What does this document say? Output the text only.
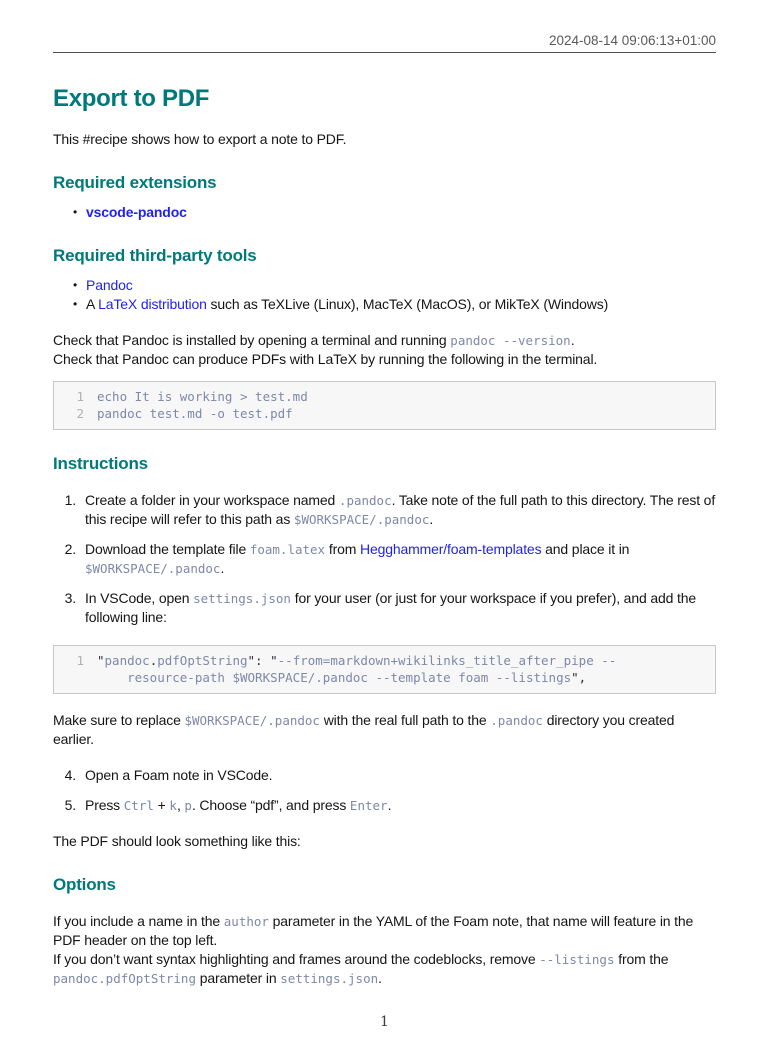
2024-08-14 09:06:13+01:00
Export to PDF

This #recipe shows how to export a note to PDF.

Required extensions
• vscode-pandoc
Required third-party tools
• Pandoc
• A LaTeX distribution such as TeXLive (Linux), MacTeX (MacOS), or MikTeX (Windows)
Check that Pandoc is installed by opening a terminal and running pandoc --version.
Check that Pandoc can produce PDFs with LaTeX by running the following in the terminal.
1 echo It is working > test.md
2 pandoc test.md -o test.pdf
Instructions
1. Create a folder in your workspace named .pandoc. Take note of the full path to this directory. The rest of this recipe will refer to this path as $WORKSPACE/.pandoc.
2. Download the template file foam.latex from Hegghammer/foam-templates and place it in $WORKSPACE/.pandoc.
3. In VSCode, open settings.json for your user (or just for your workspace if you prefer), and add the following line:
1 "pandoc.pdfOptString": "--from=markdown+wikilinks_title_after_pipe --
resource-path $WORKSPACE/.pandoc --template foam --listings",

Make sure to replace $WORKSPACE/.pandoc with the real full path to the .pandoc directory you created earlier.

4. Open a Foam note in VSCode.
5. Press Ctrl + k, p. Choose “pdf”, and press Enter.

The PDF should look something like this:

Options
If you include a name in the author parameter in the YAML of the Foam note, that name will feature in the PDF header on the top left.
If you don’t want syntax highlighting and frames around the codeblocks, remove --listings from the pandoc.pdfOptString parameter in settings.json.
1
